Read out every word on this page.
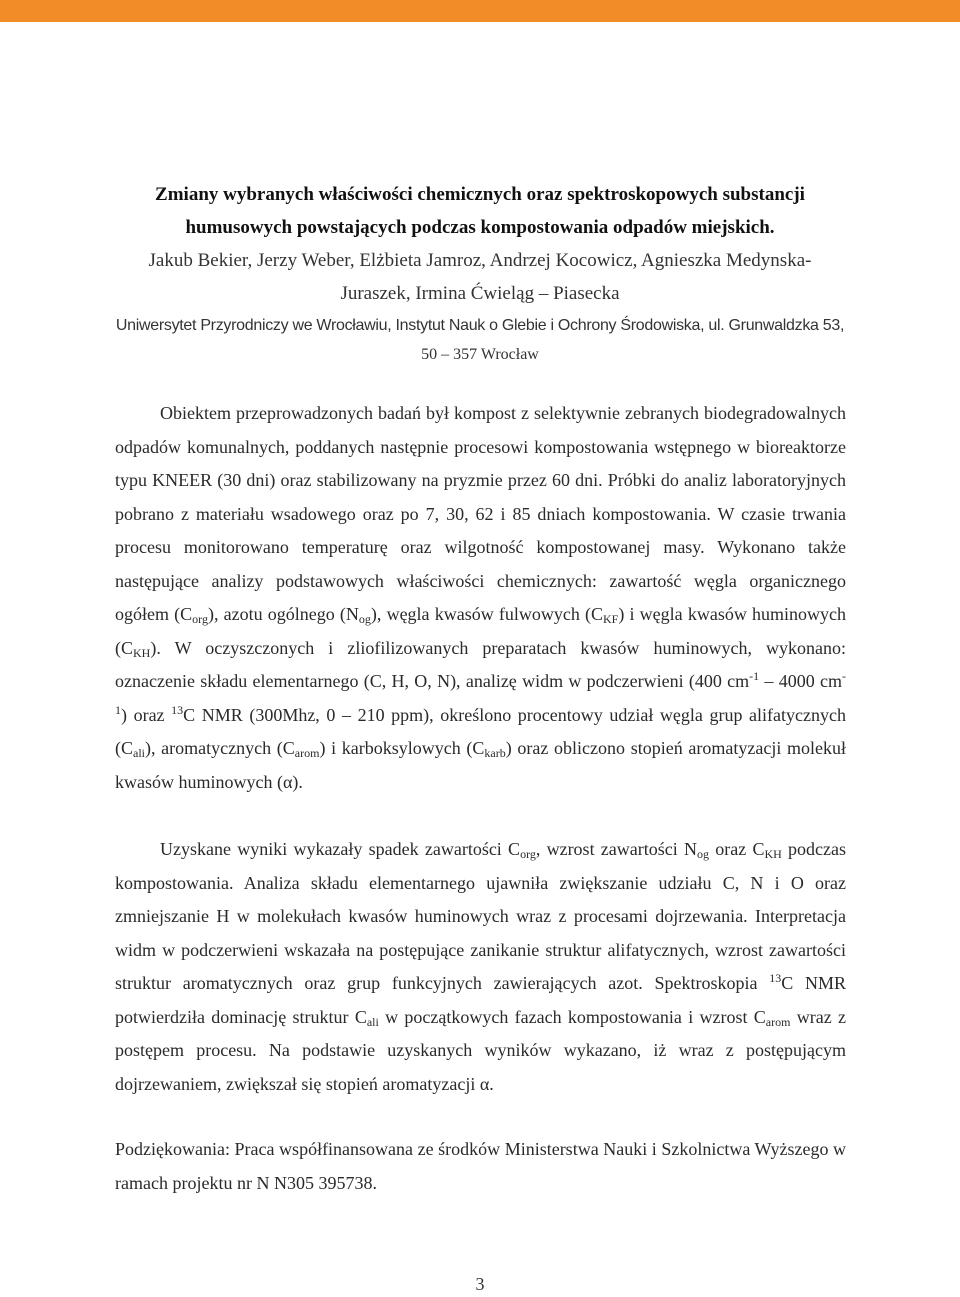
Zmiany wybranych właściwości chemicznych oraz spektroskopowych substancji
humusowych powstających podczas kompostowania odpadów miejskich.
Jakub Bekier, Jerzy Weber, Elżbieta Jamroz, Andrzej Kocowicz, Agnieszka Medynska-
Juraszek, Irmina Ćwieląg – Piasecka
Uniwersytet Przyrodniczy we Wrocławiu, Instytut Nauk o Glebie i Ochrony Środowiska, ul. Grunwaldzka 53,
50 – 357 Wrocław
Obiektem przeprowadzonych badań był kompost z selektywnie zebranych biodegradowalnych odpadów komunalnych, poddanych następnie procesowi kompostowania wstępnego w bioreaktorze typu KNEER (30 dni) oraz stabilizowany na pryzmie przez 60 dni. Próbki do analiz laboratoryjnych pobrano z materiału wsadowego oraz po 7, 30, 62 i 85 dniach kompostowania. W czasie trwania procesu monitorowano temperaturę oraz wilgotność kompostowanej masy. Wykonano także następujące analizy podstawowych właściwości chemicznych: zawartość węgla organicznego ogółem $(C_{org})$, azotu ogólnego $(N_{og})$, węgla kwasów fulwowych $(C_{KF})$ i węgla kwasów huminowych $(C_{KH})$. W oczyszczonych i zliofilizowanych preparatach kwasów huminowych, wykonano: oznaczenie składu elementarnego (C, H, O, N), analizę widm w podczerwieni (400 $cm^{-1} - 4000$ $cm^{-1}$) oraz $^{13}$C NMR (300Mhz, 0 – 210 ppm), określono procentowy udział węgla grup alifatycznych $(C_{ali})$, aromatycznych $(C_{arom})$ i karboksylowych $(C_{karb})$ oraz obliczono stopień aromatyzacji molekuł kwasów huminowych (α).
Uzyskane wyniki wykazały spadek zawartości $C_{org}$, wzrost zawartości $N_{og}$ oraz $C_{KH}$ podczas kompostowania. Analiza składu elementarnego ujawniła zwiększanie udziału C, N i O oraz zmniejszanie H w molekułach kwasów huminowych wraz z procesami dojrzewania. Interpretacja widm w podczerwieni wskazała na postępujące zanikanie struktur alifatycznych, wzrost zawartości struktur aromatycznych oraz grup funkcyjnych zawierających azot. Spektroskopia $^{13}$C NMR potwierdziła dominację struktur $C_{ali}$ w początkowych fazach kompostowania i wzrost $C_{arom}$ wraz z postępem procesu. Na podstawie uzyskanych wyników wykazano, iż wraz z postępującym dojrzewaniem, zwiększał się stopień aromatyzacji α.
Podziękowania: Praca współfinansowana ze środków Ministerstwa Nauki i Szkolnictwa Wyższego w ramach projektu nr N N305 395738.
3
